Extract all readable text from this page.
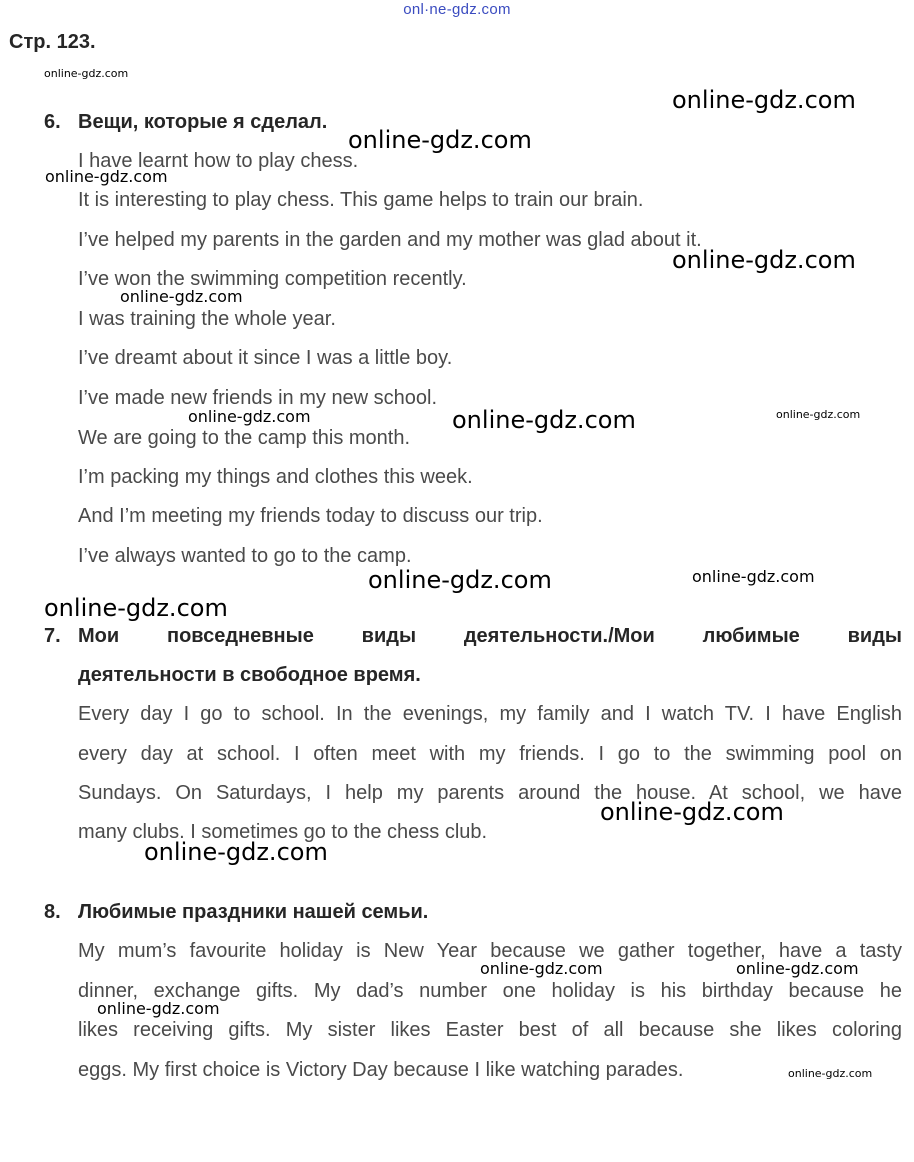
onl·ne-gdz.com
Стр. 123.
6. Вещи, которые я сделал.
I have learnt how to play chess.
It is interesting to play chess. This game helps to train our brain.
I’ve helped my parents in the garden and my mother was glad about it.
I’ve won the swimming competition recently.
I was training the whole year.
I’ve dreamt about it since I was a little boy.
I’ve made new friends in my new school.
We are going to the camp this month.
I’m packing my things and clothes this week.
And I’m meeting my friends today to discuss our trip.
I’ve always wanted to go to the camp.
7. Мои повседневные виды деятельности./Мои любимые виды
деятельности в свободное время.
Every day I go to school. In the evenings, my family and I watch TV. I have English
every day at school. I often meet with my friends. I go to the swimming pool on
Sundays. On Saturdays, I help my parents around the house. At school, we have
many clubs. I sometimes go to the chess club.
8. Любимые праздники нашей семьи.
My mum’s favourite holiday is New Year because we gather together, have a tasty
dinner, exchange gifts. My dad’s number one holiday is his birthday because he
likes receiving gifts. My sister likes Easter best of all because she likes coloring
eggs. My first choice is Victory Day because I like watching parades.
online-gdz.com
online-gdz.com
online-gdz.com
online-gdz.com
online-gdz.com
online-gdz.com
online-gdz.com	online-gdz.com	online-gdz.com
online-gdz.com	online-gdz.com
online-gdz.com
online-gdz.com
online-gdz.com
online-gdz.com	online-gdz.com
online-gdz.com
online-gdz.com
